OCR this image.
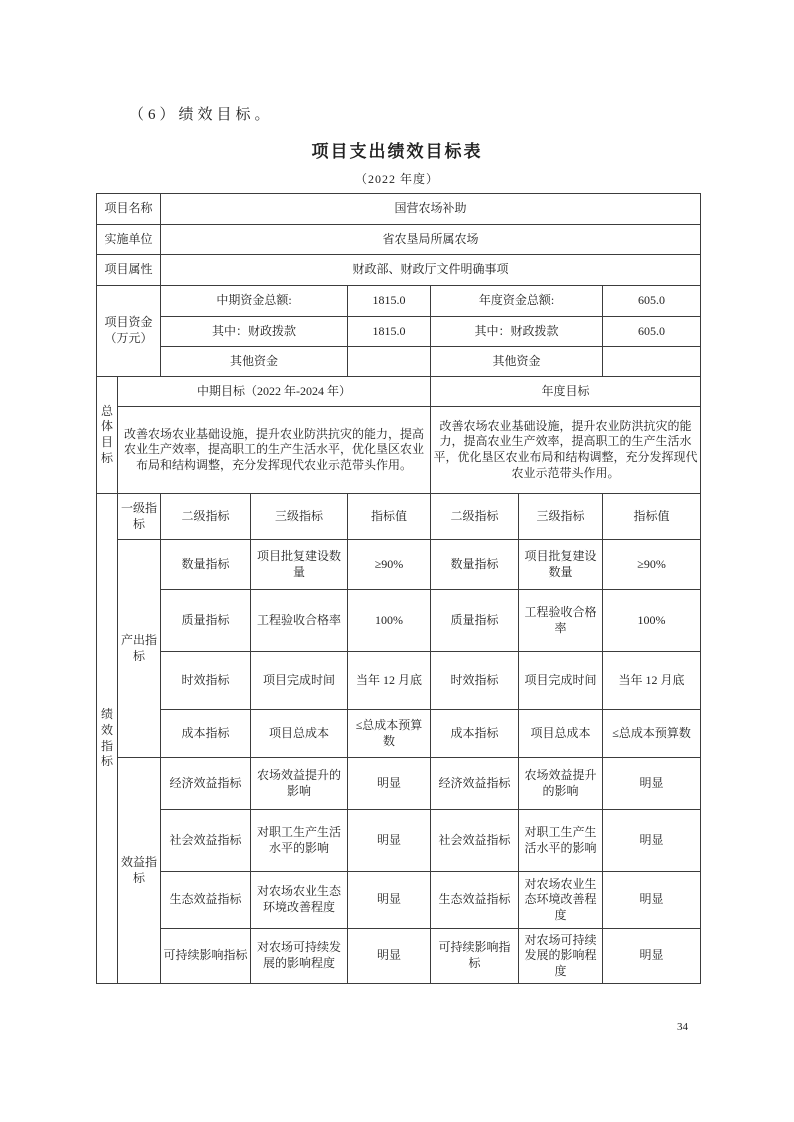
（6）绩效目标。
项目支出绩效目标表
（2022 年度）
项目名称		国营农场补助					
实施单位		省农垦局所属农场					
项目属性		财政部、财政厅文件明确事项					
项目资金（万元）		中期资金总额:		1815.0	年度资金总额:		605.0
		其中：财政拨款		1815.0	其中：财政拨款		605.0
		其他资金			其他资金		
总体目标	中期目标（2022 年-2024 年）				年度目标		
	改善农场农业基础设施，提升农业防洪抗灾的能力，提高农业生产效率，提高职工的生产生活水平，优化垦区农业布局和结构调整，充分发挥现代农业示范带头作用。				改善农场农业基础设施，提升农业防洪抗灾的能力，提高农业生产效率，提高职工的生产生活水平，优化垦区农业布局和结构调整，充分发挥现代农业示范带头作用。		
绩效指标	一级指标	二级指标	三级指标	指标值	二级指标	三级指标	指标值
	产出指标	数量指标	项目批复建设数量	≥90%	数量指标	项目批复建设数量	≥90%
		质量指标	工程验收合格率	100%	质量指标	工程验收合格率	100%
		时效指标	项目完成时间	当年 12 月底	时效指标	项目完成时间	当年 12 月底
		成本指标	项目总成本	≤总成本预算数	成本指标	项目总成本	≤总成本预算数
	效益指标	经济效益指标	农场效益提升的影响	明显	经济效益指标	农场效益提升的影响	明显
		社会效益指标	对职工生产生活水平的影响	明显	社会效益指标	对职工生产生活水平的影响	明显
		生态效益指标	对农场农业生态环境改善程度	明显	生态效益指标	对农场农业生态环境改善程度	明显
		可持续影响指标	对农场可持续发展的影响程度	明显	可持续影响指标	对农场可持续发展的影响程度	明显
34
